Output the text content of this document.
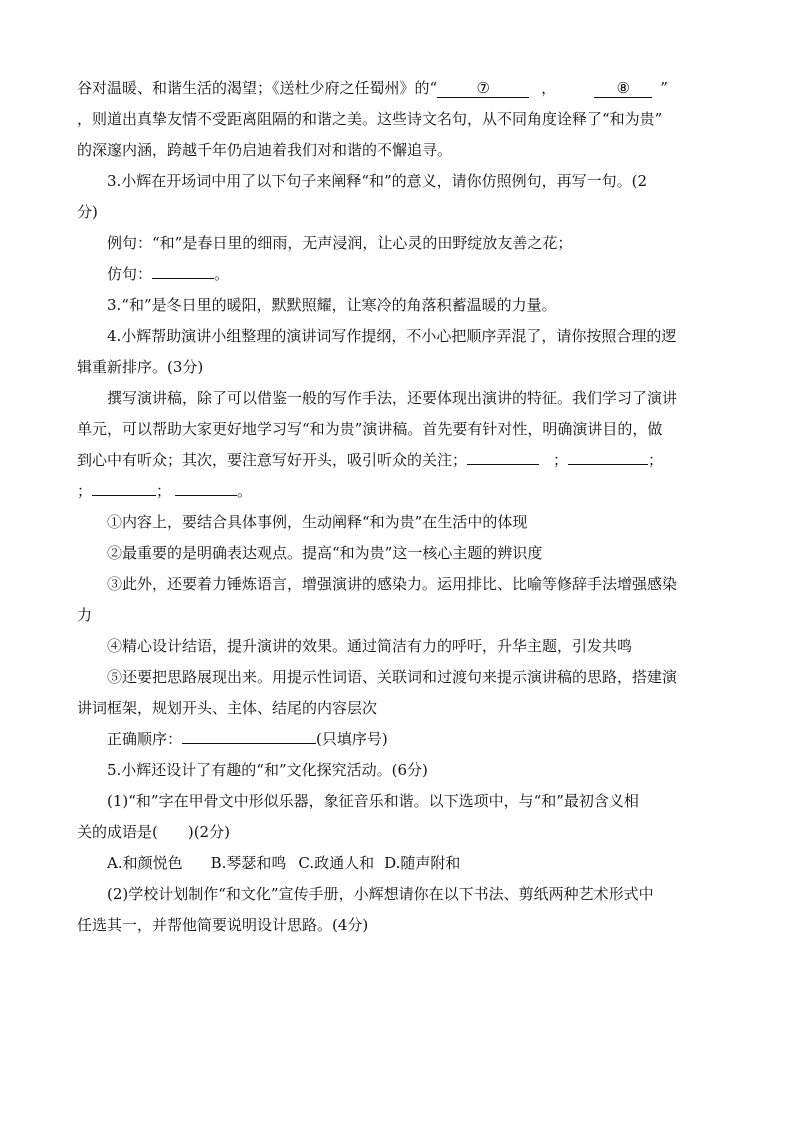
谷对温暖、和谐生活的渴望；《送杜少府之任蜀州》的“	⑦	，	⑧ ”
，则道出真挚友情不受距离阻隔的和谐之美。这些诗文名句，从不同角度诠释了“和为贵”
的深邃内涵，跨越千年仍启迪着我们对和谐的不懈追寻。
3.小辉在开场词中用了以下句子来阐释“和”的意义，请你仿照例句，再写一句。(2
分)
例句：“和”是春日里的细雨，无声浸润，让心灵的田野绽放友善之花；
仿句：	。
3.“和”是冬日里的暖阳，默默照耀，让寒冷的角落积蓄温暖的力量。
4.小辉帮助演讲小组整理的演讲词写作提纲，不小心把顺序弄混了，请你按照合理的逻
辑重新排序。(3分)
撰写演讲稿，除了可以借鉴一般的写作手法，还要体现出演讲的特征。我们学习了演讲
单元，可以帮助大家更好地学习写“和为贵”演讲稿。首先要有针对性，明确演讲目的，做
到心中有听众；其次，要注意写好开头，吸引听众的关注；	；	；
；	；	。
①内容上，要结合具体事例，生动阐释“和为贵”在生活中的体现
②最重要的是明确表达观点。提高“和为贵”这一核心主题的辨识度
③此外，还要着力锤炼语言，增强演讲的感染力。运用排比、比喻等修辞手法增强感染
力
④精心设计结语，提升演讲的效果。通过简洁有力的呼吁，升华主题，引发共鸣
⑤还要把思路展现出来。用提示性词语、关联词和过渡句来提示演讲稿的思路，搭建演
讲词框架，规划开头、主体、结尾的内容层次
正确顺序：	(只填序号)
5.小辉还设计了有趣的“和”文化探究活动。(6分)
(1)“和”字在甲骨文中形似乐器，象征音乐和谐。以下选项中，与“和”最初含义相
关的成语是(　　)(2分)
A.和颜悦色 B.琴瑟和鸣 C.政通人和 D.随声附和
(2)学校计划制作“和文化”宣传手册，小辉想请你在以下书法、剪纸两种艺术形式中
任选其一，并帮他简要说明设计思路。(4分)
